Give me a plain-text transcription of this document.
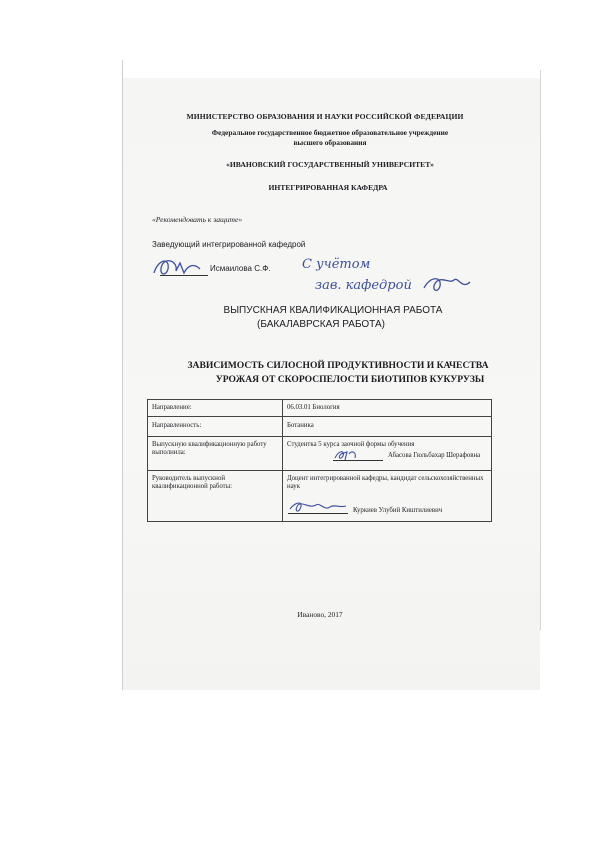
МИНИСТЕРСТВО ОБРАЗОВАНИЯ И НАУКИ РОССИЙСКОЙ ФЕДЕРАЦИИ
Федеральное государственное бюджетное образовательное учреждение
высшего образования
«ИВАНОВСКИЙ ГОСУДАРСТВЕННЫЙ УНИВЕРСИТЕТ»
ИНТЕГРИРОВАННАЯ КАФЕДРА
«Рекомендовать к защите»
Заведующий интегрированной кафедрой
Исмаилова С.Ф. С учётом
зав. кафедрой
ВЫПУСКНАЯ КВАЛИФИКАЦИОННАЯ РАБОТА
(БАКАЛАВРСКАЯ РАБОТА)
ЗАВИСИМОСТЬ СИЛОСНОЙ ПРОДУКТИВНОСТИ И КАЧЕСТВА
УРОЖАЯ ОТ СКОРОСПЕЛОСТИ БИОТИПОВ КУКУРУЗЫ
Направление:	06.03.01 Биология
Направленность:	Ботаника
Выпускную квалификационную работу выполнила:
Студентка 5 курса заочной формы обучения
Абасова Гюльбахар Шерафовна
Руководитель выпускной квалификационной работы:
Доцент интегрированной кафедры, кандидат сельскохозяйственных наук
Куркиев Улубий Киштилиевич
Иваново, 2017
